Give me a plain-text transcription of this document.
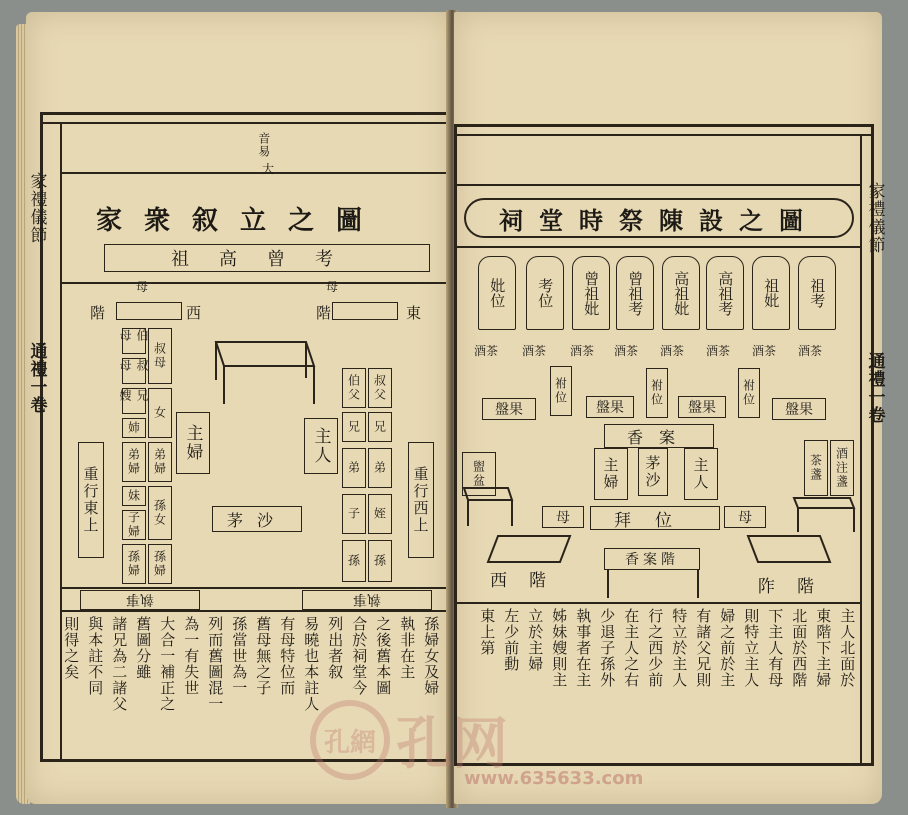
音易
大
家禮儀節
通禮一卷
家衆叙立之圖
祖高曾考
母	母
階	西	階	東
伯母
叔母
兄嫂
姉
弟婦
妹
子婦
孫婦
叔母
女
弟婦
孫女
孫婦
主婦	主人
茅沙
伯父	叔父
兄	兄
弟	弟
子	姪
孫	孫
重行東上	重行西上
執事	執事
則得之矣 與本註不同 諸兄為二諸父 舊圖分雖 大合一補正之 為一有失世 列而舊圖混一 孫當世為一 舊母無之子 有母特位而 易曉也本註人 列出者叙 合於祠堂今 之後舊本圖 執非在主 孫婦女及婦
家禮儀節
通禮一卷
祠堂時祭陳設之圖
妣位	考位	曾祖妣	曾祖考	高祖妣	高祖考	祖妣	祖考
酒茶 酒茶 酒茶 酒茶 酒茶 酒茶 酒茶 酒茶
盤果
祔位
盤果
祔位
盤果
祔位
盤果
香案
主婦	茅沙	主人
盥盆	茶盞	酒注盞
母	拜位	母
西階
香案階
阼階
主人北面於
東階下主婦
北面於西階
下主人有母
則特立主人
婦之前於主
有諸父兄則
特立於主人
行之西少前
在主人之右
少退子孫外
執事者在主
姊妹嫂則主
立於主婦
左少前動
東上第
孔網 孔网
www.635633.com
